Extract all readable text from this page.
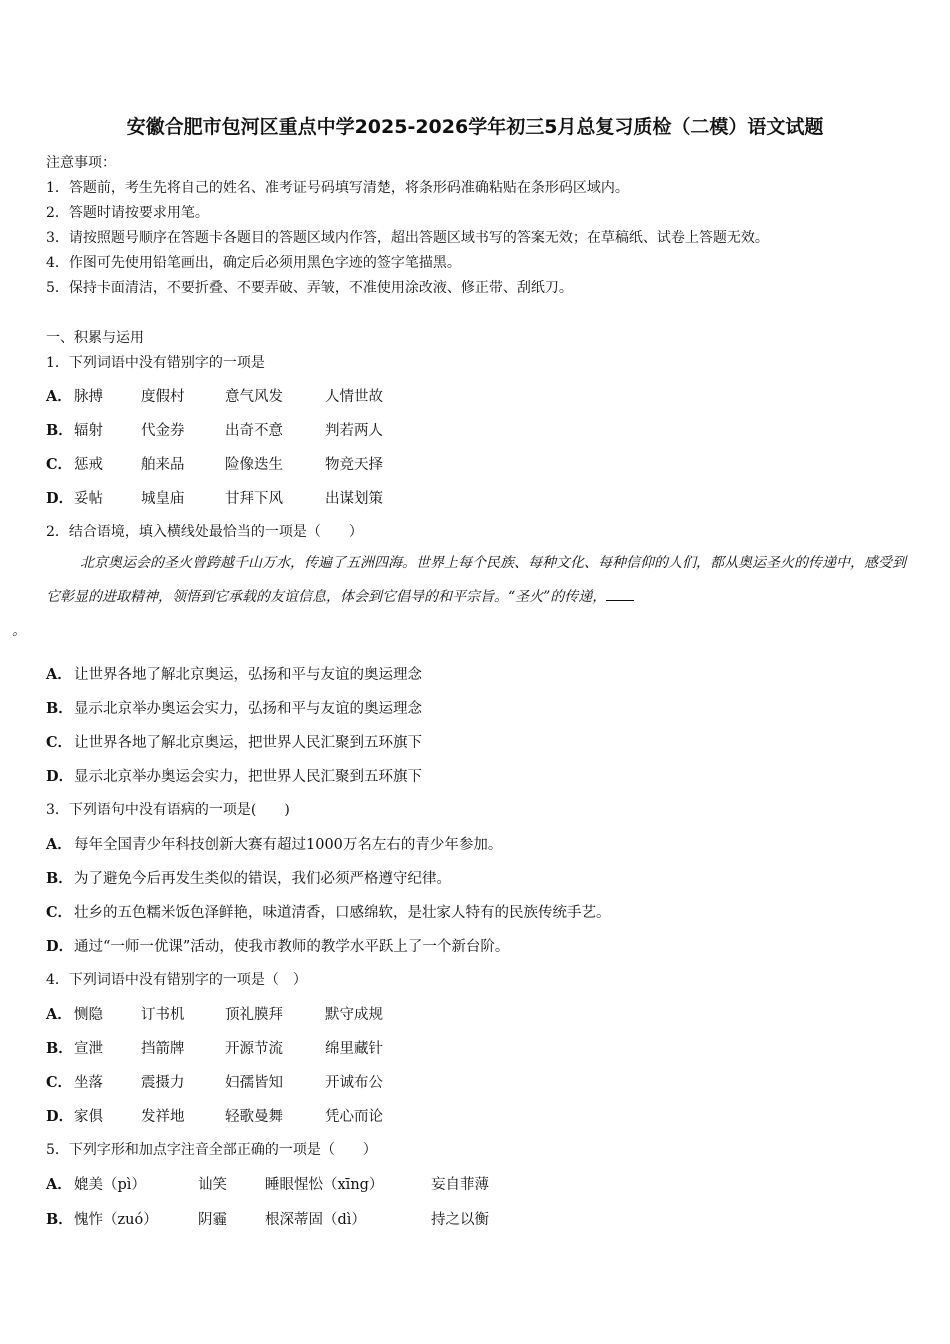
安徽合肥市包河区重点中学2025-2026学年初三5月总复习质检（二模）语文试题
注意事项：
1．答题前，考生先将自己的姓名、准考证号码填写清楚，将条形码准确粘贴在条形码区域内。
2．答题时请按要求用笔。
3．请按照题号顺序在答题卡各题目的答题区域内作答，超出答题区域书写的答案无效；在草稿纸、试卷上答题无效。
4．作图可先使用铅笔画出，确定后必须用黑色字迹的签字笔描黑。
5．保持卡面清洁，不要折叠、不要弄破、弄皱，不准使用涂改液、修正带、刮纸刀。
一、积累与运用
1．下列词语中没有错别字的一项是
A． 脉搏	度假村	意气风发	人情世故
B．辐射	代金券	出奇不意	判若两人
C． 惩戒	舶来品	险像迭生	物竞天择
D．妥帖	城皇庙	甘拜下风	出谋划策
2．结合语境，填入横线处最恰当的一项是（　　）
北京奥运会的圣火曾跨越千山万水，传遍了五洲四海。世界上每个民族、每种文化、每种信仰的人们，都从奥运圣火的传递中，感受到它彰显的进取精神，领悟到它承载的友谊信息，体会到它倡导的和平宗旨。“圣火”的传递，
。
A． 让世界各地了解北京奥运，弘扬和平与友谊的奥运理念
B．显示北京举办奥运会实力，弘扬和平与友谊的奥运理念
C． 让世界各地了解北京奥运，把世界人民汇聚到五环旗下
D．显示北京举办奥运会实力，把世界人民汇聚到五环旗下
3．下列语句中没有语病的一项是(　　)
A． 每年全国青少年科技创新大赛有超过1000万名左右的青少年参加。
B．为了避免今后再发生类似的错误，我们必须严格遵守纪律。
C． 壮乡的五色糯米饭色泽鲜艳，味道清香，口感绵软，是壮家人特有的民族传统手艺。
D．通过“一师一优课”活动，使我市教师的教学水平跃上了一个新台阶。
4．下列词语中没有错别字的一项是（　）
A． 恻隐	订书机	顶礼膜拜	默守成规
B．宣泄	挡箭牌	开源节流	绵里藏针
C． 坐落	震摄力	妇孺皆知	开诚布公
D．家俱	发祥地	轻歌曼舞	凭心而论
5．下列字形和加点字注音全部正确的一项是（　　）
A． 媲美（pì）	讪笑	睡眼惺忪（xīng）	妄自菲薄
B．愧怍（zuó）	阴霾	根深蒂固（dì）	持之以衡
